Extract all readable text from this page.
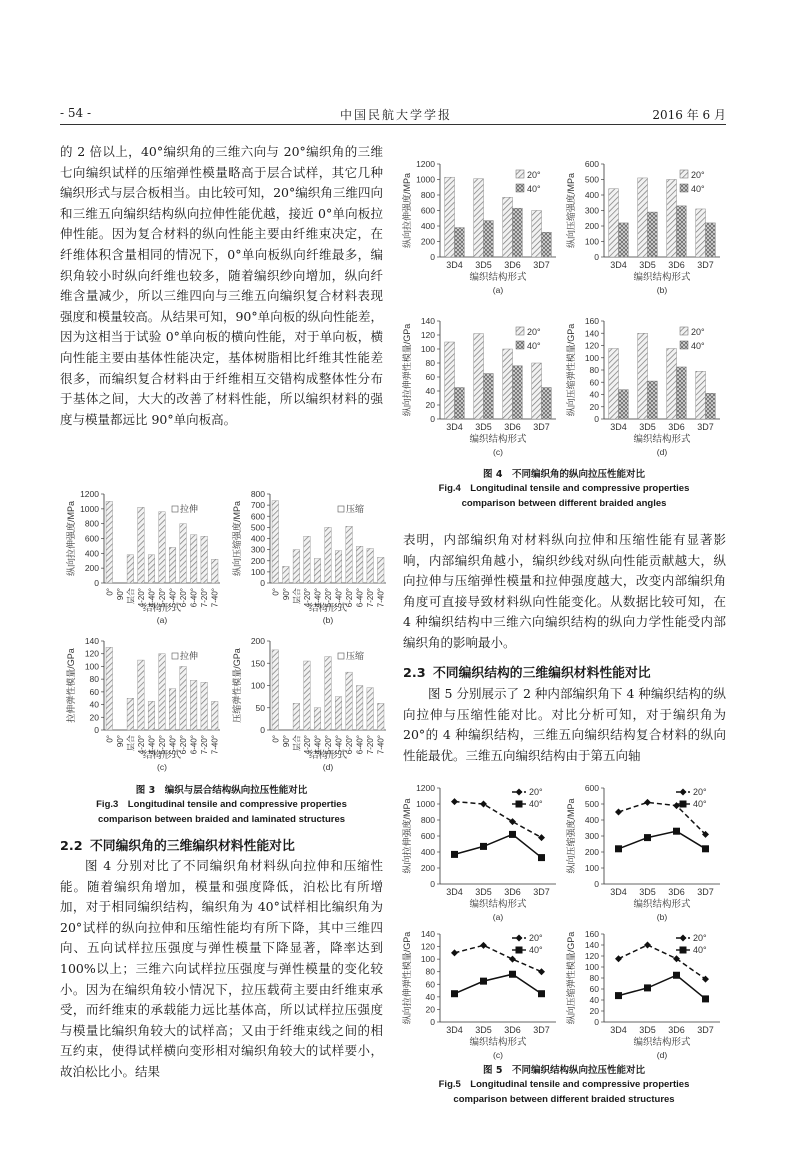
- 54 -	中国民航大学学报	2016 年 6 月

的 2 倍以上，40°编织角的三维六向与 20°编织角的三维七向编织试样的压缩弹性模量略高于层合试样，其它几种编织形式与层合板相当。由比较可知，20°编织角三维四向和三维五向编织结构纵向拉伸性能优越，接近 0°单向板拉伸性能。因为复合材料的纵向性能主要由纤维束决定，在纤维体积含量相同的情况下，0°单向板纵向纤维最多，编织角较小时纵向纤维也较多，随着编织纱向增加，纵向纤维含量减少，所以三维四向与三维五向编织复合材料表现强度和模量较高。从结果可知，90°单向板的纵向性能差，因为这相当于试验 0°单向板的横向性能，对于单向板，横向性能主要由基体性能决定，基体树脂相比纤维其性能差很多，而编织复合材料由于纤维相互交错构成整体性分布于基体之间，大大的改善了材料性能，所以编织材料的强度与模量都远比 90°单向板高。

0
200
400
600
800
1000
1200
纵向拉伸强度/MPa
0° 90° 层合 4-20° 4-40° 5-20° 5-40° 6-20° 6-40° 7-20° 7-40°
拉伸
结构形式
(a)
0
100
200
300
400
500
600
700
800
纵向压缩强度/MPa
0° 90° 层合 4-20° 4-40° 5-20° 5-40° 6-20° 6-40° 7-20° 7-40°
压缩
结构形式
(b)
0
20
40
60
80
100
120
140
拉伸弹性模量/GPa
0° 90° 层合 4-20° 4-40° 5-20° 5-40° 6-20° 6-40° 7-20° 7-40°
拉伸
结构形式
(c)
0
50
100
150
200
压缩弹性模量/GPa
0° 90° 层合 4-20° 4-40° 5-20° 5-40° 6-20° 6-40° 7-20° 7-40°
压缩
结构形式
(d)
图 3　编织与层合结构纵向拉压性能对比
Fig.3　Longitudinal tensile and compressive properties
comparison between braided and laminated structures
2.2 不同编织角的三维编织材料性能对比

图 4 分别对比了不同编织角材料纵向拉伸和压缩性能。随着编织角增加，模量和强度降低，泊松比有所增加，对于相同编织结构，编织角为 40°试样相比编织角为 20°试样的纵向拉伸和压缩性能均有所下降，其中三维四向、五向试样拉压强度与弹性模量下降显著，降率达到 100%以上；三维六向试样拉压强度与弹性模量的变化较小。因为在编织角较小情况下，拉压载荷主要由纤维束承受，而纤维束的承载能力远比基体高，所以试样拉压强度与模量比编织角较大的试样高；又由于纤维束线之间的相互约束，使得试样横向变形相对编织角较大的试样要小，故泊松比小。结果

0
200
400
600
800
1000
1200
纵向拉伸强度/MPa	20°
40°
3D4 3D5 3D6 3D7
编织结构形式
(a)
0
100
200
300
400
500
600
纵向压缩强度/MPa	20°
40°
3D4 3D5 3D6 3D7
编织结构形式
(b)
0
20
40
60
80
100
120
140
纵向拉伸弹性模量/GPa	20°
40°
3D4 3D5 3D6 3D7
编织结构形式
(c)
0
20
40
60
80
100
120
140
160
纵向压缩弹性模量/GPa	20°
40°
3D4 3D5 3D6 3D7
编织结构形式
(d)
图 4　不同编织角的纵向拉压性能对比
Fig.4　Longitudinal tensile and compressive properties
comparison between different braided angles

表明，内部编织角对材料纵向拉伸和压缩性能有显著影响，内部编织角越小，编织纱线对纵向性能贡献越大，纵向拉伸与压缩弹性模量和拉伸强度越大，改变内部编织角角度可直接导致材料纵向性能变化。从数据比较可知，在 4 种编织结构中三维六向编织结构的纵向力学性能受内部编织角的影响最小。

2.3 不同编织结构的三维编织材料性能对比

图 5 分别展示了 2 种内部编织角下 4 种编织结构的纵向拉伸与压缩性能对比。对比分析可知，对于编织角为 20°的 4 种编织结构，三维五向编织结构复合材料的纵向性能最优。三维五向编织结构由于第五向轴

0
200
400
600
800
1000
1200
纵向拉伸强度/MPa
20°
40°
3D4 3D5 3D6 3D7
编织结构形式
(a)
0
100
200
300
400
500
600
纵向压缩强度/MPa
20°
40°
3D4 3D5 3D6 3D7
编织结构形式
(b)
0
20
40
60
80
100
120
140
纵向拉伸弹性模量/GPa	20°
40°
3D4 3D5 3D6 3D7
编织结构形式
(c)
0
20
40
60
80
100
120
140
160
纵向压缩弹性模量/GPa	20°
40°
3D4 3D5 3D6 3D7
编织结构形式
(d)
图 5　不同编织结构纵向拉压性能对比
Fig.5　Longitudinal tensile and compressive properties
comparison between different braided structures
